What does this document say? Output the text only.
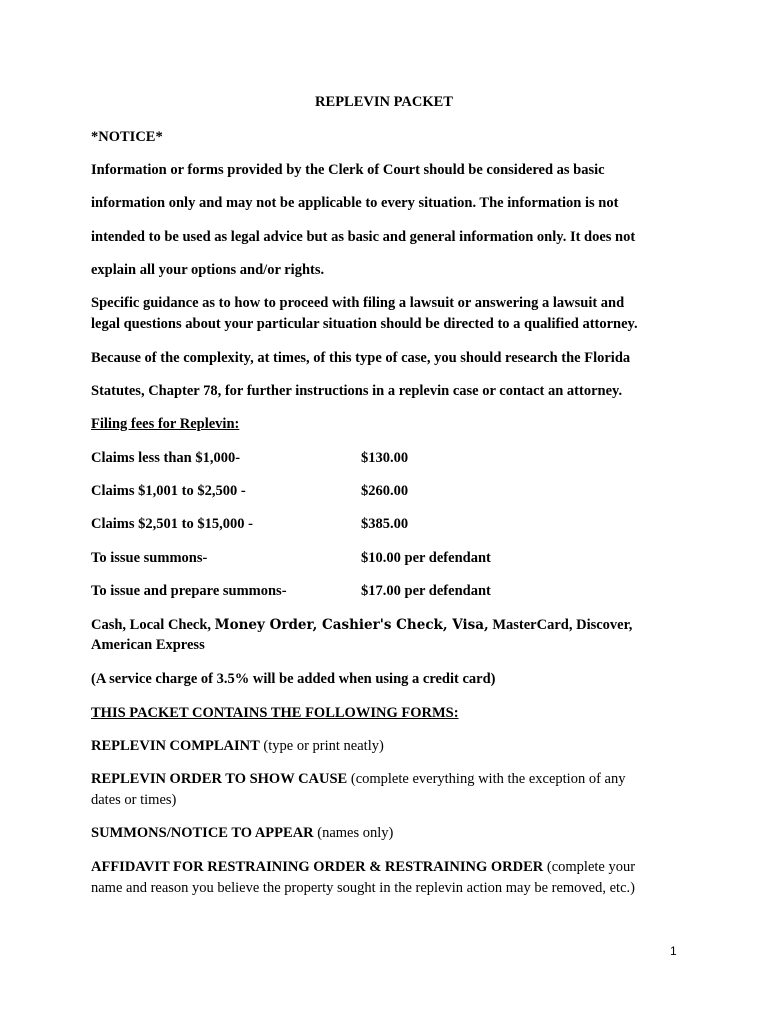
REPLEVIN PACKET
*NOTICE*
Information or forms provided by the Clerk of Court should be considered as basic
information only and may not be applicable to every situation. The information is not
intended to be used as legal advice but as basic and general information only. It does not
explain all your options and/or rights.
Specific guidance as to how to proceed with filing a lawsuit or answering a lawsuit and
legal questions about your particular situation should be directed to a qualified attorney.
Because of the complexity, at times, of this type of case, you should research the Florida
Statutes, Chapter 78, for further instructions in a replevin case or contact an attorney.
Filing fees for Replevin:
Claims less than $1,000-	$130.00
Claims $1,001 to $2,500 -	$260.00
Claims $2,501 to $15,000 -	$385.00
To issue summons-	$10.00 per defendant
To issue and prepare summons-	$17.00 per defendant
Cash, Local Check, Money Order, Cashier's Check, Visa, MasterCard, Discover,
American Express
(A service charge of 3.5% will be added when using a credit card)
THIS PACKET CONTAINS THE FOLLOWING FORMS:
REPLEVIN COMPLAINT (type or print neatly)
REPLEVIN ORDER TO SHOW CAUSE (complete everything with the exception of any
dates or times)
SUMMONS/NOTICE TO APPEAR (names only)
AFFIDAVIT FOR RESTRAINING ORDER & RESTRAINING ORDER (complete your
name and reason you believe the property sought in the replevin action may be removed, etc.)
1
